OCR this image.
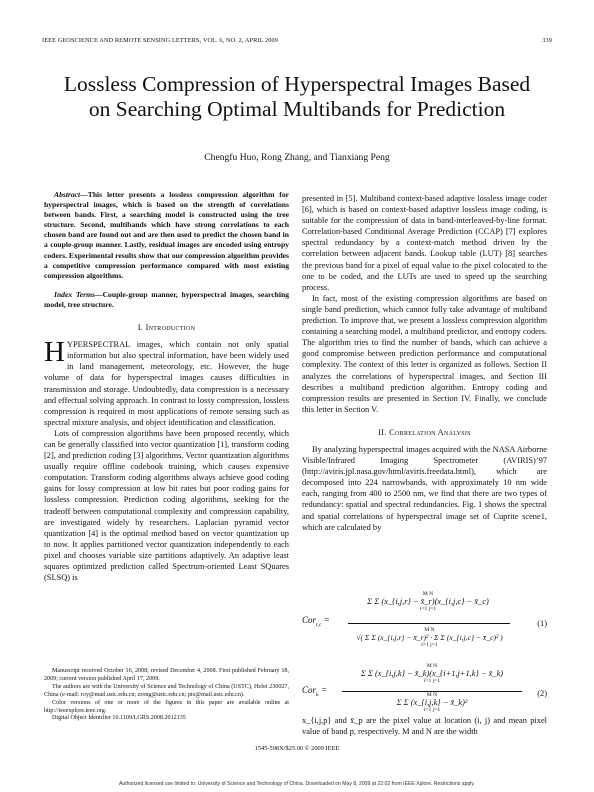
IEEE GEOSCIENCE AND REMOTE SENSING LETTERS, VOL. 6, NO. 2, APRIL 2009	339
Lossless Compression of Hyperspectral Images Based on Searching Optimal Multibands for Prediction
Chengfu Huo, Rong Zhang, and Tianxiang Peng

Abstract—This letter presents a lossless compression algorithm for hyperspectral images, which is based on the strength of correlations between bands. First, a searching model is constructed using the tree structure. Second, multibands which have strong correlations to each chosen band are found out and are then used to predict the chosen band in a couple-group manner. Lastly, residual images are encoded using entropy coders. Experimental results show that our compression algorithm provides a competitive compression performance compared with most existing compression algorithms.

Index Terms—Couple-group manner, hyperspectral images, searching model, tree structure.

I. Introduction

HYPERSPECTRAL images, which contain not only spatial information but also spectral information, have been widely used in land management, meteorology, etc. However, the huge volume of data for hyperspectral images causes difficulties in transmission and storage. Undoubtedly, data compression is a necessary and effectual solving approach. In contrast to lossy compression, lossless compression is required in most applications of remote sensing such as spectral mixture analysis, and object identification and classification.

Lots of compression algorithms have been proposed recently, which can be generally classified into vector quantization [1], transform coding [2], and prediction coding [3] algorithms. Vector quantization algorithms usually require offline codebook training, which causes expensive computation. Transform coding algorithms always achieve good coding gains for lossy compression at low bit rates but poor coding gains for lossless compression. Prediction coding algorithms, seeking for the tradeoff between computational complexity and compression capability, are investigated widely by researchers. Laplacian pyramid vector quantization [4] is the optimal method based on vector quantization up to now. It applies partitioned vector quantization independently to each pixel and chooses variable size partitions adaptively. An adaptive least squares optimized prediction called Spectrum-oriented Least SQuares (SLSQ) is

Manuscript received October 16, 2008; revised December 4, 2008. First published February 18, 2009; current version published April 17, 2009.

The authors are with the University of Science and Technology of China (USTC), Hefei 230027, China (e-mail: roy@mail.ustc.edu.cn; zrong@ustc.edu.cn; ptx@mail.ustc.edu.cn).

Color versions of one or more of the figures in this paper are available online at http://ieeexplore.ieee.org.

Digital Object Identifier 10.1109/LGRS.2008.2012135

presented in [5]. Multiband context-based adaptive lossless image coder [6], which is based on context-based adaptive lossless image coding, is suitable for the compression of data in band-interleaved-by-line format. Correlation-based Conditional Average Prediction (CCAP) [7] explores spectral redundancy by a context-match method driven by the correlation between adjacent bands. Lookup table (LUT) [8] searches the previous band for a pixel of equal value to the pixel colocated to the one to be coded, and the LUTs are used to speed up the searching process.

In fact, most of the existing compression algorithms are based on single band prediction, which cannot fully take advantage of multiband prediction. To improve that, we present a lossless compression algorithm containing a searching model, a multiband predictor, and entropy coders. The algorithm tries to find the number of bands, which can achieve a good compromise between prediction performance and computational complexity. The context of this letter is organized as follows. Section II analyzes the correlations of hyperspectral images, and Section III describes a multiband prediction algorithm. Entropy coding and compression results are presented in Section IV. Finally, we conclude this letter in Section V.

II. Correlation Analysis

By analyzing hyperspectral images acquired with the NASA Airborne Visible/Infrared Imaging Spectrometer (AVIRIS)’97 (http://aviris.jpl.nasa.gov/html/aviris.freedata.html), which are decomposed into 224 narrowbands, with approximately 10 nm wide each, ranging from 400 to 2500 nm, we find that there are two types of redundancy: spatial and spectral redundancies. Fig. 1 shows the spectral and spatial correlations of hyperspectral image set of Cuprite scene1, which are calculated by

Cor$_{r,c}$ =
M N
Σ Σ (x_{i,j,r} − x̄_r)(x_{i,j,c} − x̄_c)
i=1 j=1
M N
√( Σ Σ (x_{i,j,r} − x̄_r)² · Σ Σ (x_{i,j,c} − x̄_c)² )
i=1 j=1
(1)
Cor$_k$ =
M N
Σ Σ (x_{i,j,k} − x̄_k)(x_{i+1,j+1,k} − x̄_k)
i=1 j=1
M N
Σ Σ (x_{i,j,k} − x̄_k)²
i=1 j=1
(2)
x_{i,j,p} and x̄_p are the pixel value at location (i, j) and mean pixel value of band p, respectively. M and N are the width
1545-598X/$25.00 © 2009 IEEE
Authorized licensed use limited to: University of Science and Technology of China. Downloaded on May 8, 2009 at 22:02 from IEEE Xplore. Restrictions apply.
